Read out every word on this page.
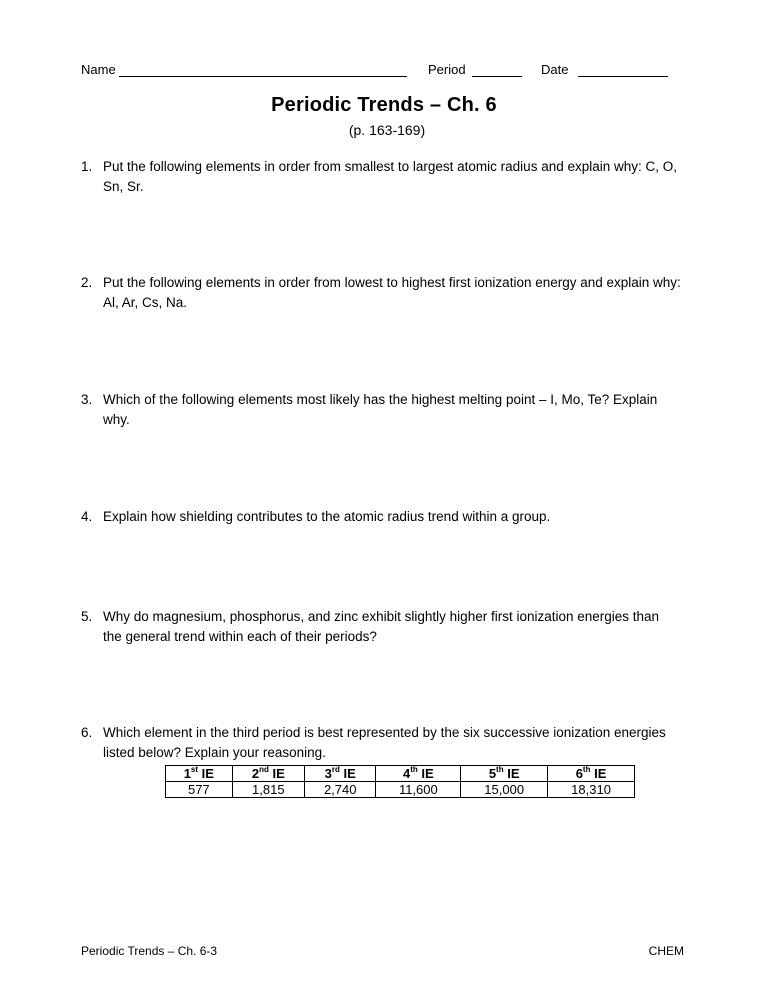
Name	Period	Date
Periodic Trends – Ch. 6
(p. 163-169)
1. Put the following elements in order from smallest to largest atomic radius and explain why: C, O, Sn, Sr.
2. Put the following elements in order from lowest to highest first ionization energy and explain why: Al, Ar, Cs, Na.
3. Which of the following elements most likely has the highest melting point – I, Mo, Te? Explain why.
4. Explain how shielding contributes to the atomic radius trend within a group.
5. Why do magnesium, phosphorus, and zinc exhibit slightly higher first ionization energies than the general trend within each of their periods?
6. Which element in the third period is best represented by the six successive ionization energies listed below? Explain your reasoning.
1st IE	2nd IE	3rd IE	4th IE	5th IE	6th IE
577	1,815	2,740	11,600	15,000	18,310
Periodic Trends – Ch. 6-3	CHEM
